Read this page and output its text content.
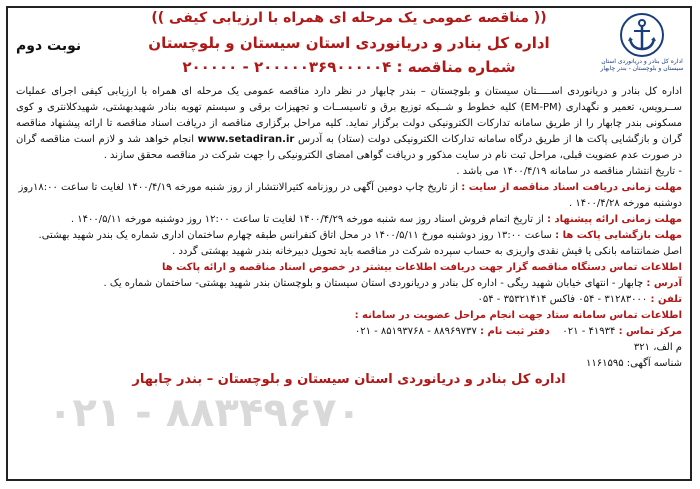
۰۲۱ - ۸۸۳۴۹۶۷۰
اداره کل بنادر و دریانوردی استان
سیستان و بلوچستان - بندر چابهار
(( مناقصه عمومی یک مرحله ای همراه با ارزیابی کیفی ))
اداره کل بنادر و دریانوردی استان سیستان و بلوچستان
شماره مناقصه : ۲۰۰۰۰۰۳۶۹۰۰۰۰۰۴ - ۲۰۰۰۰۰
نوبت دوم

اداره کل بنادر و دریانوردی اســـــتان سیستان و بلوچستان – بندر چابهار در نظر دارد مناقصه عمومی یک مرحله ای همراه با ارزیابی کیفی اجرای عملیات ســرویس، تعمیر و نگهداری (EM-PM) کلیه خطوط و شــبکه توزیع برق و تاسیســات و تجهیزات برقی و سیستم تهویه بنادر شهیدبهشتی، شهیدکلانتری و کوی مسکونی بندر چابهار را از طریق سامانه تدارکات الکترونیکی دولت برگزار نماید. کلیه مراحل برگزاری مناقصه از دریافت اسناد مناقصه تا ارائه پیشنهاد مناقصه گران و بازگشایی پاکت ها از طریق درگاه سامانه تدارکات الکترونیکی دولت (ستاد) به آدرس www.setadiran.ir انجام خواهد شد و لازم است مناقصه گران در صورت عدم عضویت قبلی، مراحل ثبت نام در سایت مذکور و دریافت گواهی امضای الکترونیکی را جهت شرکت در مناقصه محقق سازند .

- تاریخ انتشار مناقصه در سامانه ۱۴۰۰/۴/۱۹ می باشد .

مهلت زمانی دریافت اسناد مناقصه از سایت : از تاریخ چاپ دومین آگهی در روزنامه کثیرالانتشار از روز شنبه مورخه ۱۴۰۰/۴/۱۹ لغایت تا ساعت ۱۸:۰۰روز دوشنبه مورخه ۱۴۰۰/۴/۲۸ .

مهلت زمانی ارائه پیشنهاد : از تاریخ اتمام فروش اسناد روز سه شنبه مورخه ۱۴۰۰/۴/۲۹ لغایت تا ساعت ۱۲:۰۰ روز دوشنبه مورخه ۱۴۰۰/۵/۱۱ .

مهلت بازگشایی پاکت ها : ساعت ۱۳:۰۰ روز دوشنبه مورخ ۱۴۰۰/۵/۱۱ در محل اتاق کنفرانس طبقه چهارم ساختمان اداری شماره یک بندر شهید بهشتی.

اصل ضمانتنامه بانکی یا فیش نقدی واریزی به حساب سپرده شرکت در مناقصه باید تحویل دبیرخانه بندر شهید بهشتی گردد .

اطلاعات تماس دستگاه مناقصه گزار جهت دریافت اطلاعات بیشتر در خصوص اسناد مناقصه و ارائه پاکت ها

آدرس : چابهار - انتهای خیابان شهید ریگی - اداره کل بنادر و دریانوردی استان سیستان و بلوچستان بندر شهید بهشتی- ساختمان شماره یک .

تلفن : ۳۱۲۸۳۰۰۰ - ۰۵۴ فاکس ۳۵۳۲۱۴۱۴ - ۰۵۴

اطلاعات تماس سامانه ستاد جهت انجام مراحل عضویت در سامانه :

مرکز تماس : ۴۱۹۳۴ - ۰۲۱    دفتر ثبت نام : ۸۸۹۶۹۷۳۷ - ۸۵۱۹۳۷۶۸ - ۰۲۱

م الف، ۳۲۱

شناسه آگهی: ۱۱۶۱۵۹۵

اداره کل بنادر و دریانوردی استان سیستان و بلوچستان – بندر چابهار
